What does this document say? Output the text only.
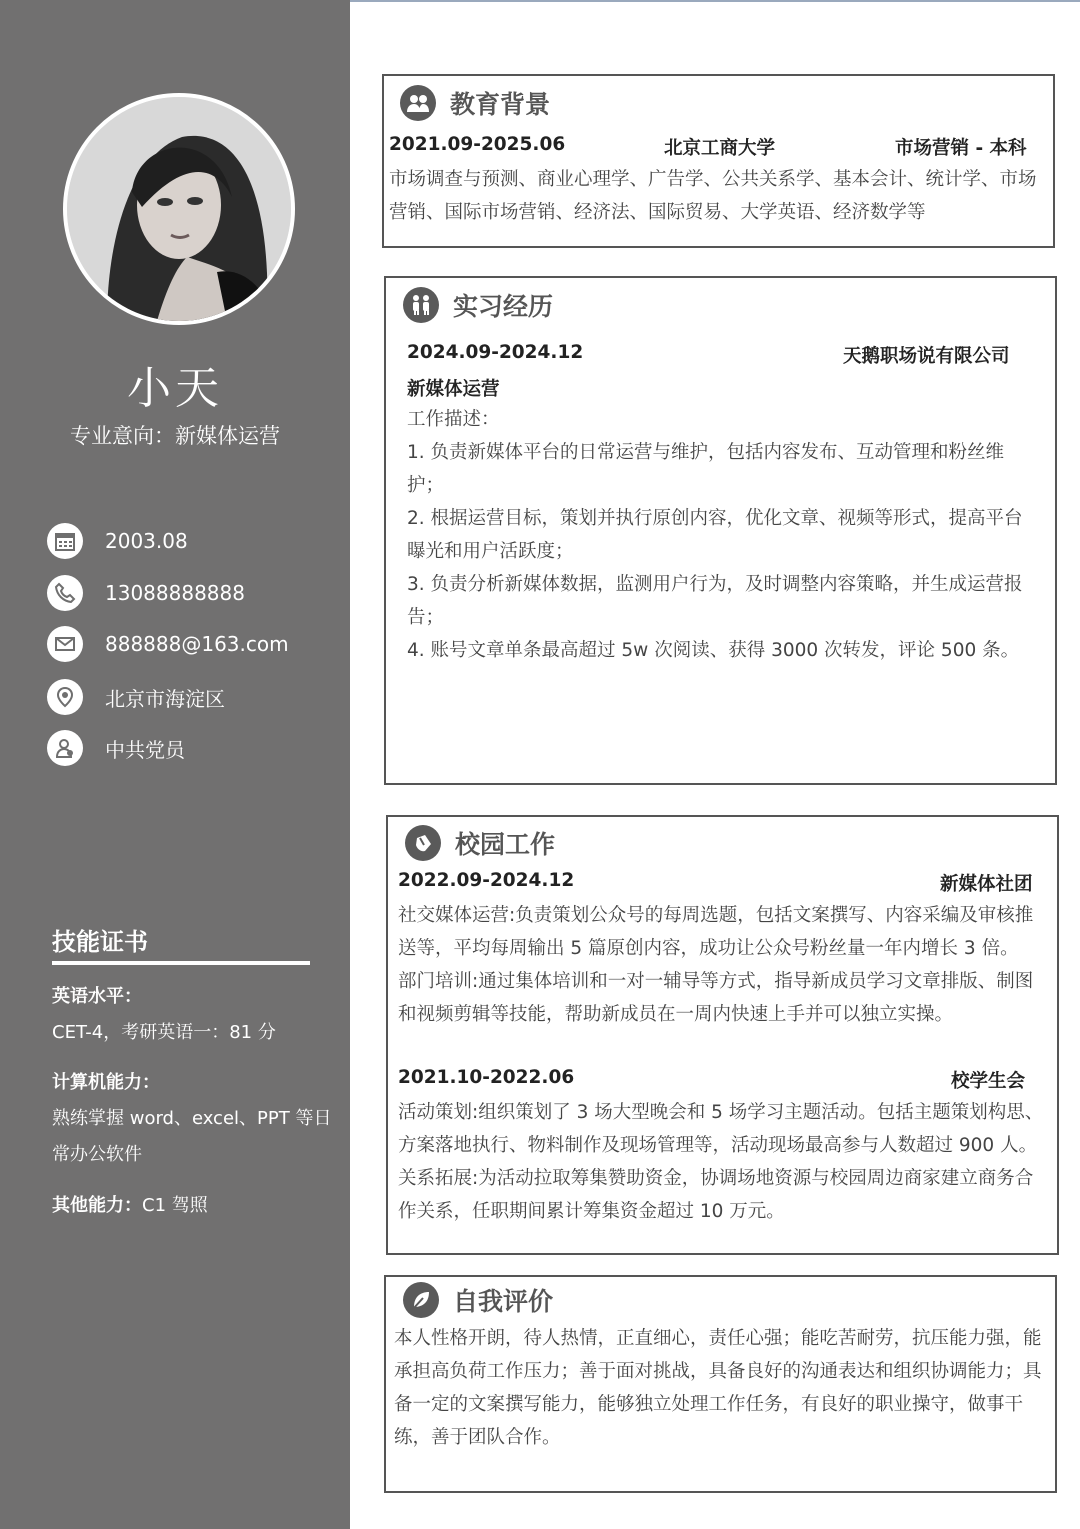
小天
专业意向：新媒体运营
2003.08
13088888888
888888@163.com
北京市海淀区
中共党员
技能证书
英语水平：
CET-4，考研英语一：81 分
计算机能力：
熟练掌握 word、excel、PPT 等日常办公软件
其他能力：C1 驾照
教育背景
2021.09-2025.06	北京工商大学	市场营销 - 本科
市场调查与预测、商业心理学、广告学、公共关系学、基本会计、统计学、市场营销、国际市场营销、经济法、国际贸易、大学英语、经济数学等
实习经历
2024.09-2024.12	天鹅职场说有限公司
新媒体运营

工作描述：

1. 负责新媒体平台的日常运营与维护，包括内容发布、互动管理和粉丝维护；

2. 根据运营目标，策划并执行原创内容，优化文章、视频等形式，提高平台曝光和用户活跃度；

3. 负责分析新媒体数据，监测用户行为，及时调整内容策略，并生成运营报告；

4. 账号文章单条最高超过 5w 次阅读、获得 3000 次转发，评论 500 条。

校园工作
2022.09-2024.12	新媒体社团

社交媒体运营:负责策划公众号的每周选题，包括文案撰写、内容采编及审核推送等，平均每周输出 5 篇原创内容，成功让公众号粉丝量一年内增长 3 倍。

部门培训:通过集体培训和一对一辅导等方式，指导新成员学习文章排版、制图和视频剪辑等技能，帮助新成员在一周内快速上手并可以独立实操。

2021.10-2022.06	校学生会

活动策划:组织策划了 3 场大型晚会和 5 场学习主题活动。包括主题策划构思、方案落地执行、物料制作及现场管理等，活动现场最高参与人数超过 900 人。

关系拓展:为活动拉取筹集赞助资金，协调场地资源与校园周边商家建立商务合作关系，任职期间累计筹集资金超过 10 万元。

自我评价
本人性格开朗，待人热情，正直细心，责任心强；能吃苦耐劳，抗压能力强，能承担高负荷工作压力；善于面对挑战，具备良好的沟通表达和组织协调能力；具备一定的文案撰写能力，能够独立处理工作任务，有良好的职业操守，做事干练，善于团队合作。
